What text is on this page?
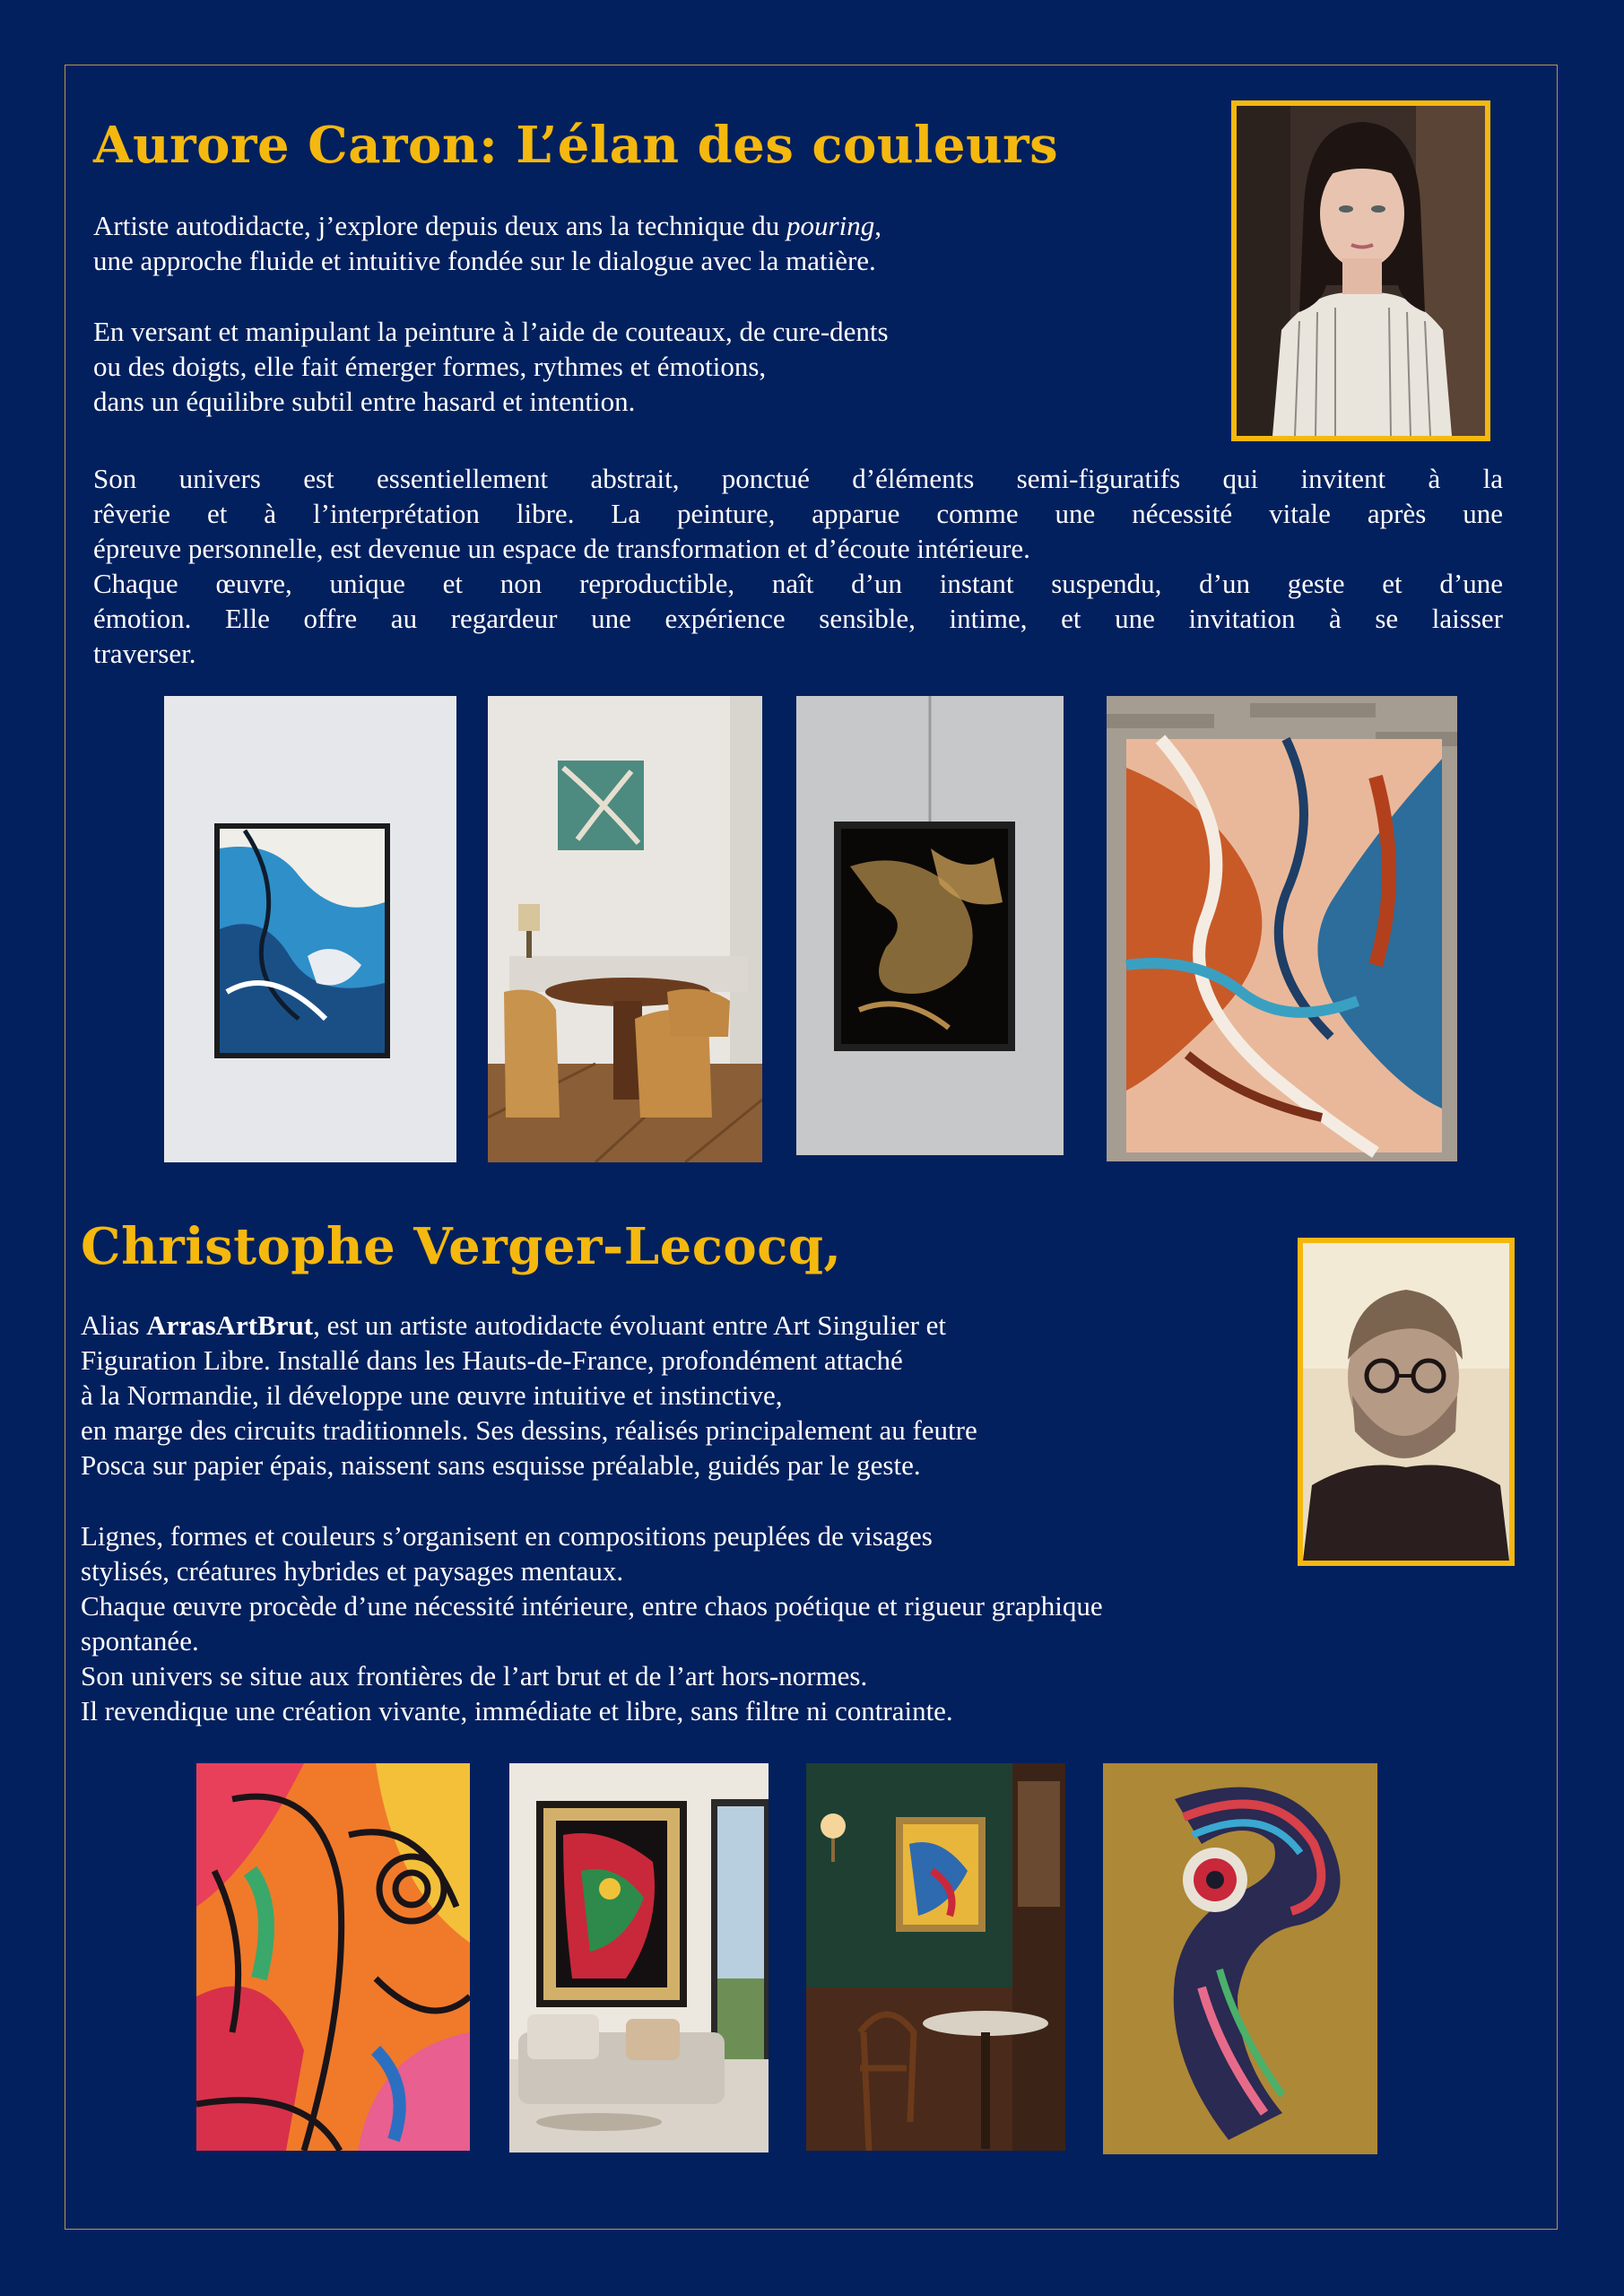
Aurore Caron: L’élan des couleurs

Artiste autodidacte, j’explore depuis deux ans la technique du pouring,
une approche fluide et intuitive fondée sur le dialogue avec la matière.

En versant et manipulant la peinture à l’aide de couteaux, de cure-dents
ou des doigts, elle fait émerger formes, rythmes et émotions,
dans un équilibre subtil entre hasard et intention.

Son univers est essentiellement abstrait, ponctué d’éléments semi-figuratifs qui invitent à la
rêverie et à l’interprétation libre. La peinture, apparue comme une nécessité vitale après une
épreuve personnelle, est devenue un espace de transformation et d’écoute intérieure.
Chaque œuvre, unique et non reproductible, naît d’un instant suspendu, d’un geste et d’une
émotion. Elle offre au regardeur une expérience sensible, intime, et une invitation à se laisser
traverser.

Christophe Verger-Lecocq,

Alias ArrasArtBrut, est un artiste autodidacte évoluant entre Art Singulier et
Figuration Libre. Installé dans les Hauts-de-France, profondément attaché
à la Normandie, il développe une œuvre intuitive et instinctive,
en marge des circuits traditionnels. Ses dessins, réalisés principalement au feutre
Posca sur papier épais, naissent sans esquisse préalable, guidés par le geste.

Lignes, formes et couleurs s’organisent en compositions peuplées de visages
stylisés, créatures hybrides et paysages mentaux.
Chaque œuvre procède d’une nécessité intérieure, entre chaos poétique et rigueur graphique
spontanée.
Son univers se situe aux frontières de l’art brut et de l’art hors-normes.
Il revendique une création vivante, immédiate et libre, sans filtre ni contrainte.
